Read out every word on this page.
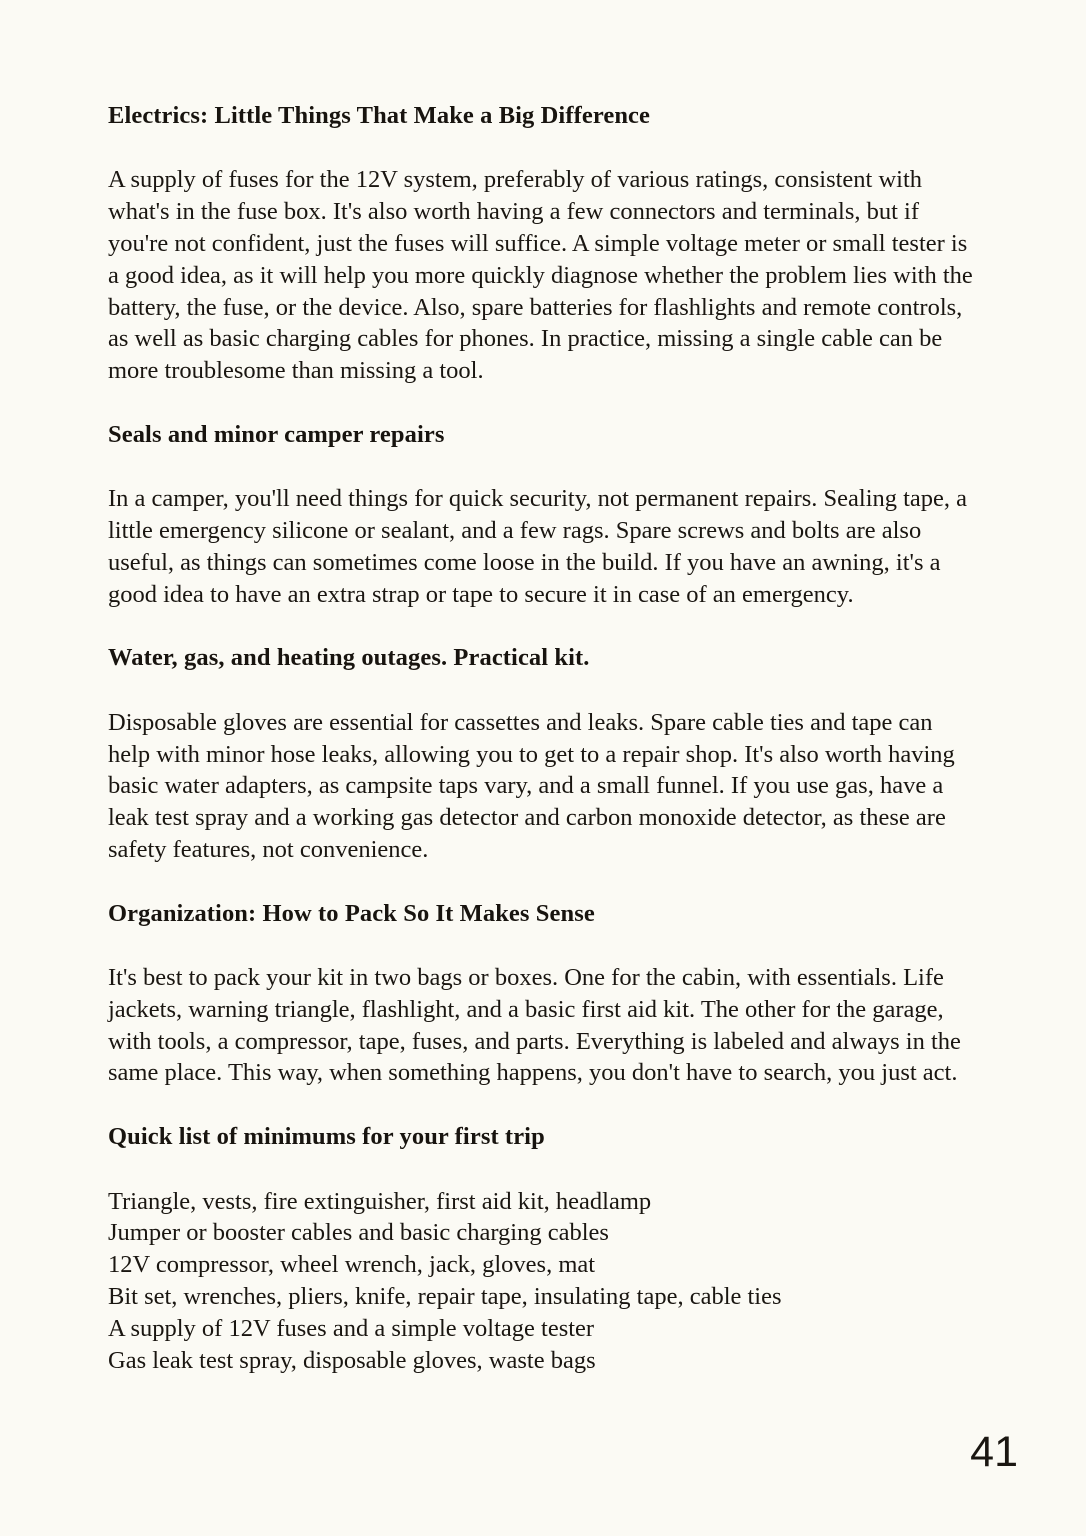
Electrics: Little Things That Make a Big Difference

A supply of fuses for the 12V system, preferably of various ratings, consistent with what's in the fuse box. It's also worth having a few connectors and terminals, but if you're not confident, just the fuses will suffice. A simple voltage meter or small tester is a good idea, as it will help you more quickly diagnose whether the problem lies with the battery, the fuse, or the device. Also, spare batteries for flashlights and remote controls, as well as basic charging cables for phones. In practice, missing a single cable can be more troublesome than missing a tool.

Seals and minor camper repairs

In a camper, you'll need things for quick security, not permanent repairs. Sealing tape, a little emergency silicone or sealant, and a few rags. Spare screws and bolts are also useful, as things can sometimes come loose in the build. If you have an awning, it's a good idea to have an extra strap or tape to secure it in case of an emergency.

Water, gas, and heating outages. Practical kit.

Disposable gloves are essential for cassettes and leaks. Spare cable ties and tape can help with minor hose leaks, allowing you to get to a repair shop. It's also worth having basic water adapters, as campsite taps vary, and a small funnel. If you use gas, have a leak test spray and a working gas detector and carbon monoxide detector, as these are safety features, not convenience.

Organization: How to Pack So It Makes Sense

It's best to pack your kit in two bags or boxes. One for the cabin, with essentials. Life jackets, warning triangle, flashlight, and a basic first aid kit. The other for the garage, with tools, a compressor, tape, fuses, and parts. Everything is labeled and always in the same place. This way, when something happens, you don't have to search, you just act.

Quick list of minimums for your first trip
Triangle, vests, fire extinguisher, first aid kit, headlamp
Jumper or booster cables and basic charging cables
12V compressor, wheel wrench, jack, gloves, mat
Bit set, wrenches, pliers, knife, repair tape, insulating tape, cable ties
A supply of 12V fuses and a simple voltage tester
Gas leak test spray, disposable gloves, waste bags
41
